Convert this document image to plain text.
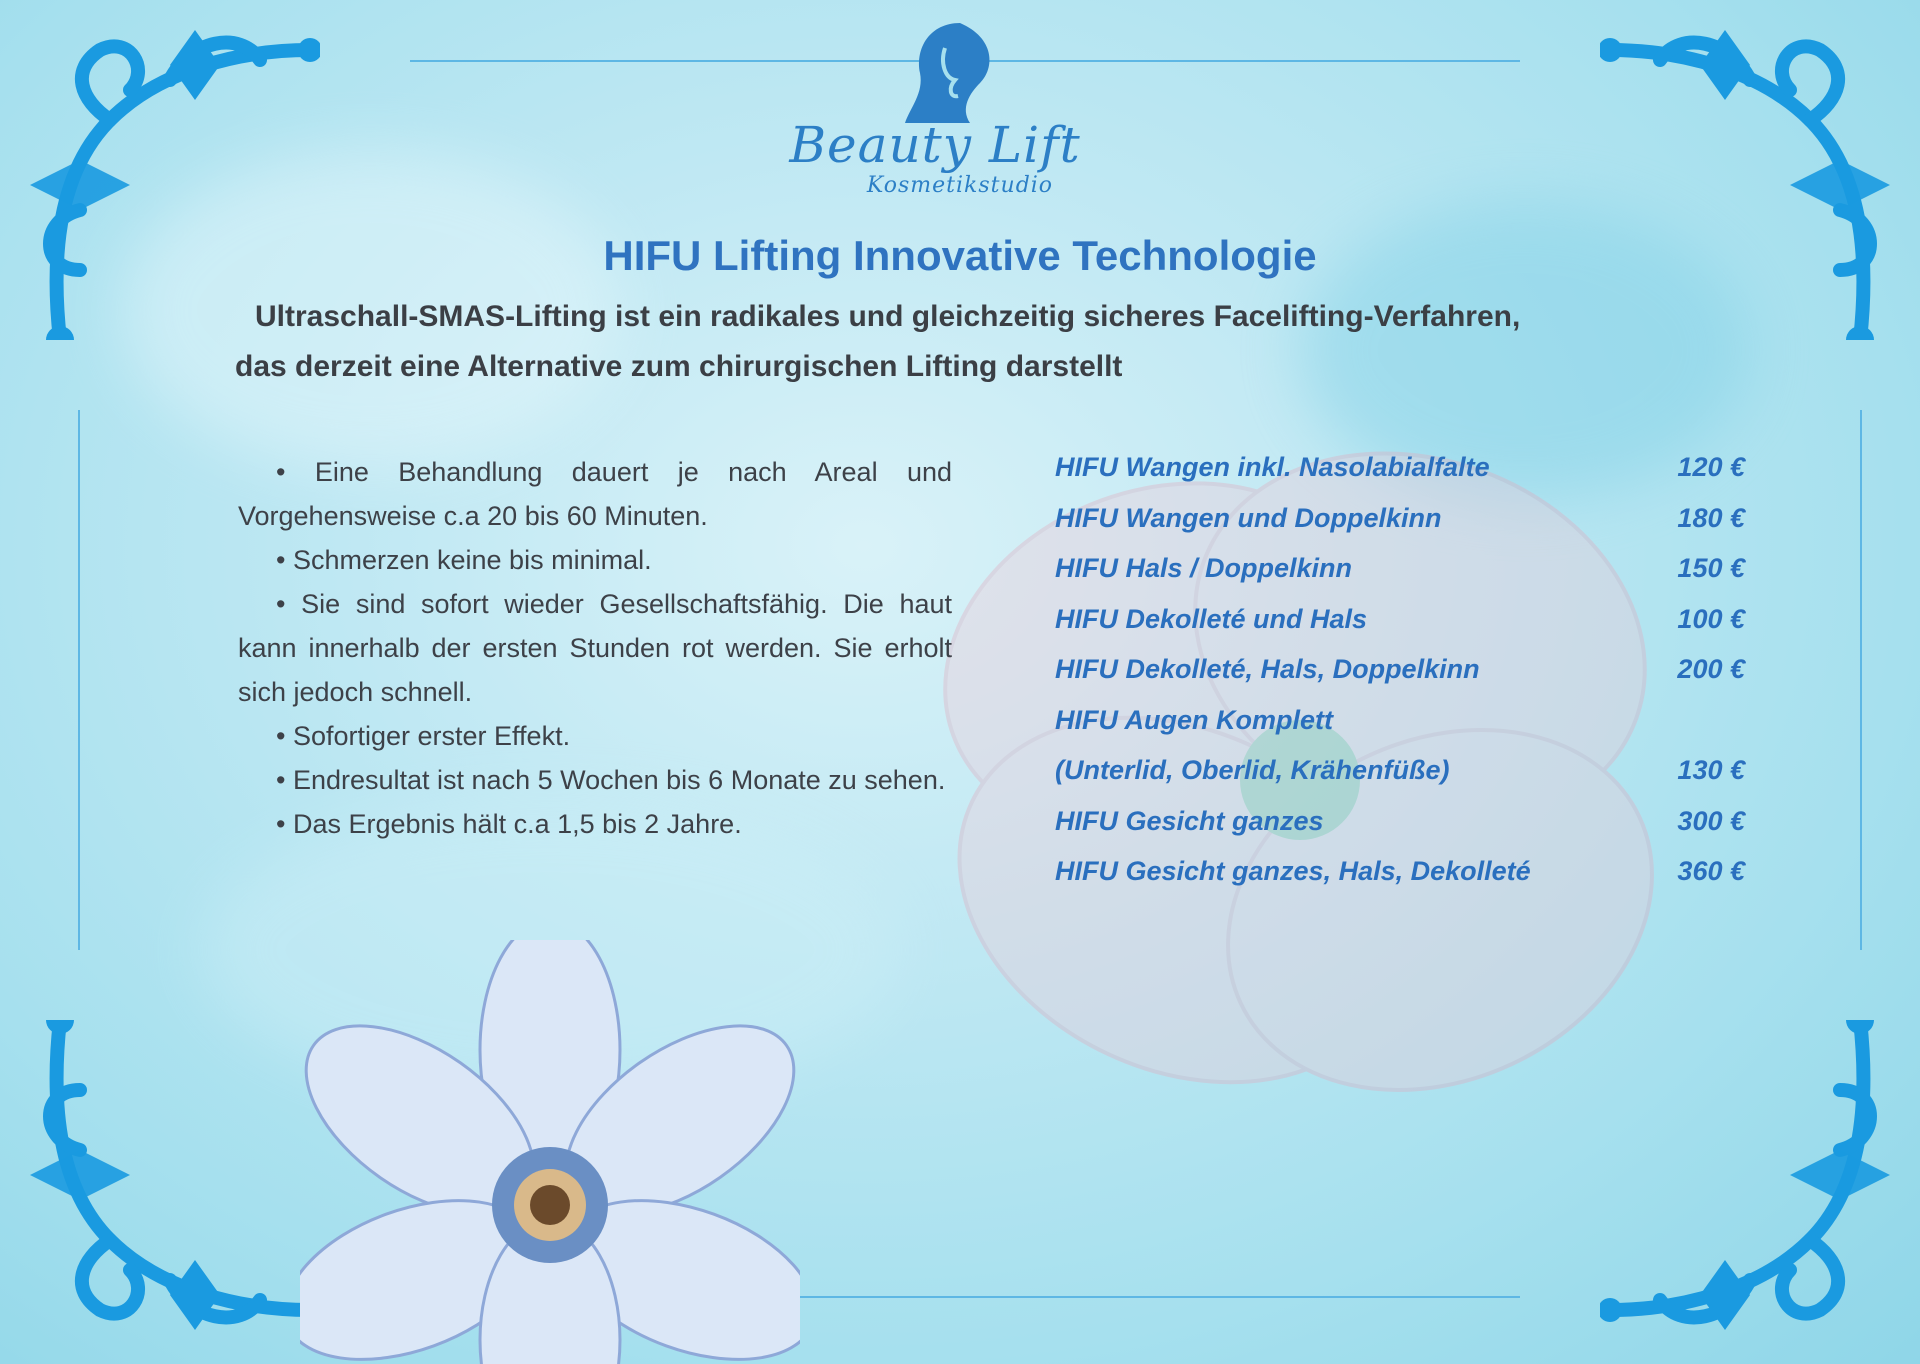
Beauty Lift
Kosmetikstudio
HIFU Lifting Innovative Technologie
Ultraschall-SMAS-Lifting ist ein radikales und gleichzeitig sicheres Facelifting-Verfahren,
das derzeit eine Alternative zum chirurgischen Lifting darstellt

• Eine Behandlung dauert je nach Areal und Vorgehensweise c.a 20 bis 60 Minuten.

• Schmerzen keine bis minimal.

• Sie sind sofort wieder Gesellschaftsfähig. Die haut kann innerhalb der ersten Stunden rot werden. Sie erholt sich jedoch schnell.

• Sofortiger erster Effekt.

• Endresultat ist nach 5 Wochen bis 6 Monate zu sehen.

• Das Ergebnis hält c.a 1,5 bis 2 Jahre.

HIFU Wangen inkl. Nasolabialfalte	120 €
HIFU Wangen und Doppelkinn	180 €
HIFU Hals / Doppelkinn	150 €
HIFU Dekolleté und Hals	100 €
HIFU Dekolleté, Hals, Doppelkinn	200 €
HIFU Augen Komplett
(Unterlid, Oberlid, Krähenfüße)	130 €
HIFU Gesicht ganzes	300 €
HIFU Gesicht ganzes, Hals, Dekolleté	360 €
